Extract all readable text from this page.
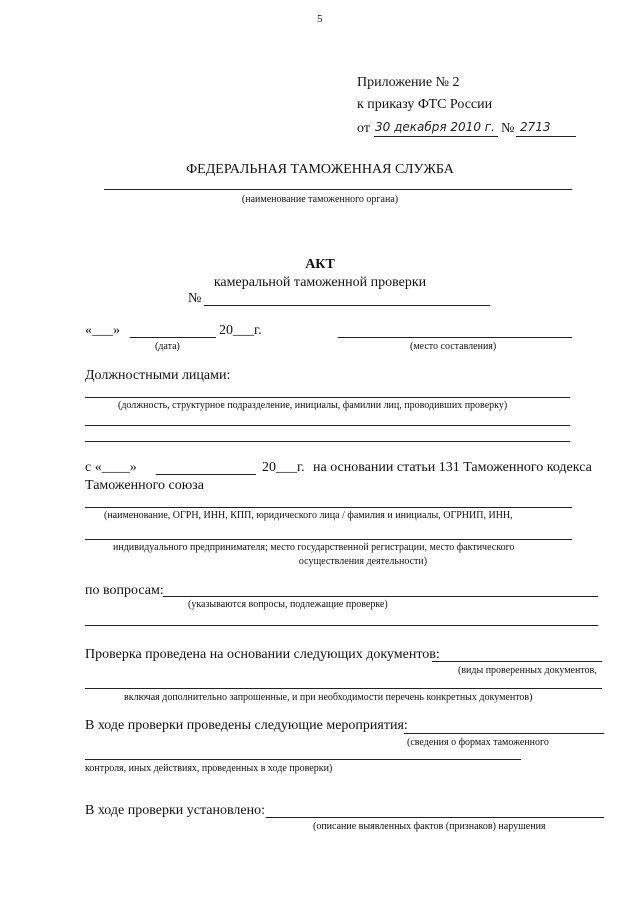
5
Приложение № 2
к приказу ФТС России
от 30 декабря 2010 г. № 2713
ФЕДЕРАЛЬНАЯ ТАМОЖЕННАЯ СЛУЖБА
(наименование таможенного органа)
АКТ
камеральной таможенной проверки
№
«___»	20___г.
(дата)	(место составления)
Должностными лицами:
(должность, структурное подразделение, инициалы, фамилии лиц, проводивших проверку)
с «____»	20___г. на основании статьи 131 Таможенного кодекса
Таможенного союза
(наименование, ОГРН, ИНН, КПП, юридического лица / фамилия и инициалы, ОГРНИП, ИНН,
индивидуального предпринимателя; место государственной регистрации, место фактического
осуществления деятельности)
по вопросам:
(указываются вопросы, подлежащие проверке)
Проверка проведена на основании следующих документов:
(виды проверенных документов,
включая дополнительно запрошенные, и при необходимости перечень конкретных документов)
В ходе проверки проведены следующие мероприятия:
(сведения о формах таможенного
контроля, иных действиях, проведенных в ходе проверки)
В ходе проверки установлено:
(описание выявленных фактов (признаков) нарушения
